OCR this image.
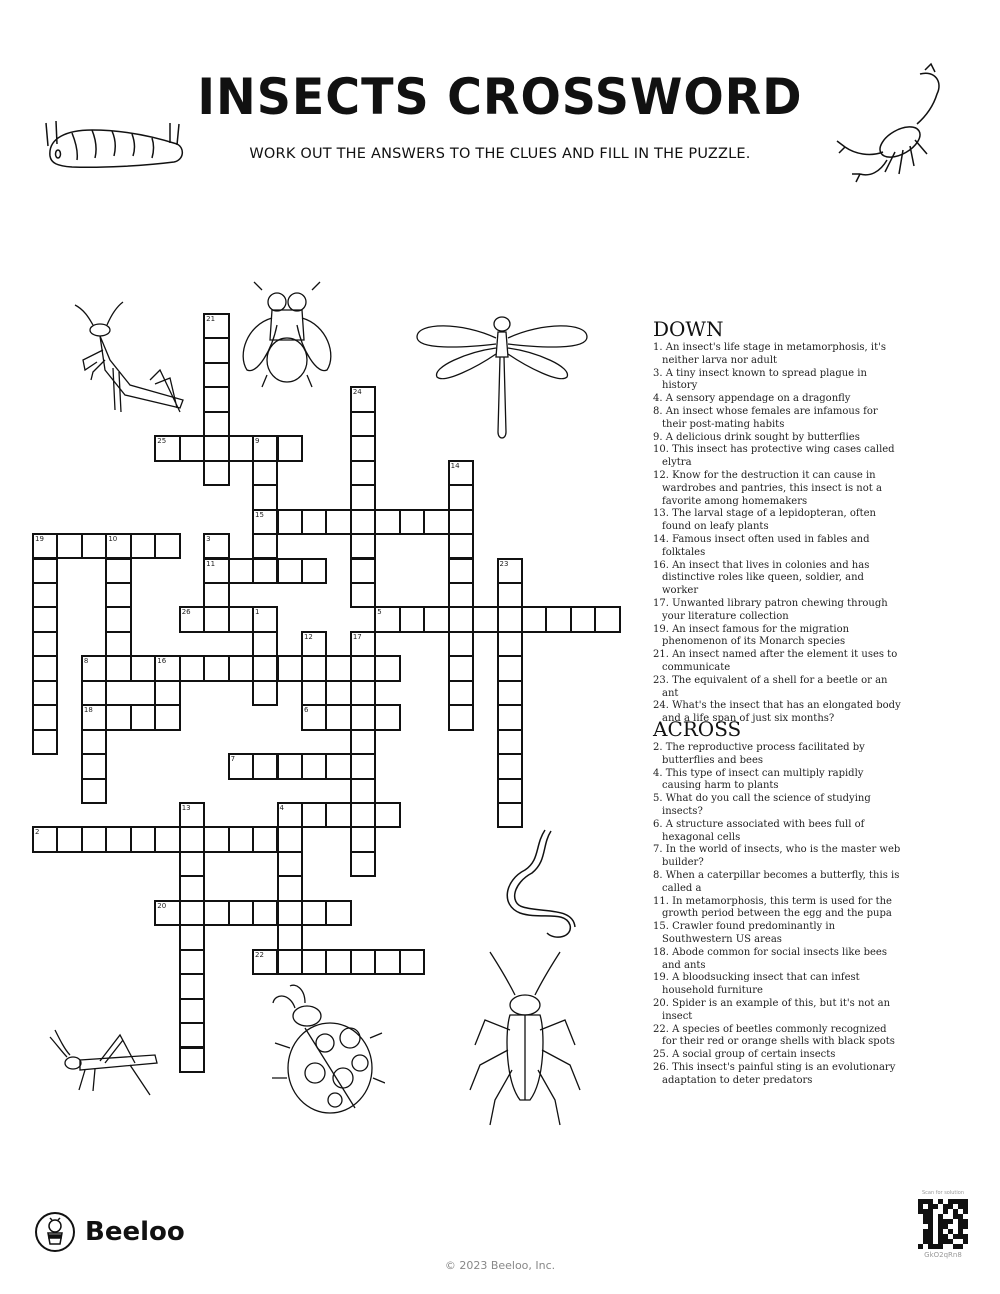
INSECTS CROSSWORD
WORK OUT THE ANSWERS TO THE CLUES AND FILL IN THE PUZZLE.
1
2
3
11
4
5
6
7
8
18
16
9
15
10
12
13
14
17
19
20
21
22
23
24
25
26
DOWN

1. An insect's life stage in metamorphosis, it's neither larva nor adult

3. A tiny insect known to spread plague in history

4. A sensory appendage on a dragonfly

8. An insect whose females are infamous for their post-mating habits

9. A delicious drink sought by butterflies

10. This insect has protective wing cases called elytra

12. Know for the destruction it can cause in wardrobes and pantries, this insect is not a favorite among homemakers

13. The larval stage of a lepidopteran, often found on leafy plants

14. Famous insect often used in fables and folktales

16. An insect that lives in colonies and has distinctive roles like queen, soldier, and worker

17. Unwanted library patron chewing through your literature collection

19. An insect famous for the migration phenomenon of its Monarch species

21. An insect named after the element it uses to communicate

23. The equivalent of a shell for a beetle or an ant

24. What's the insect that has an elongated body and a life span of just six months?

ACROSS

2. The reproductive process facilitated by butterflies and bees

4. This type of insect can multiply rapidly causing harm to plants

5. What do you call the science of studying insects?

6. A structure associated with bees full of hexagonal cells

7. In the world of insects, who is the master web builder?

8. When a caterpillar becomes a butterfly, this is called a

11. In metamorphosis, this term is used for the growth period between the egg and the pupa

15. Crawler found predominantly in Southwestern US areas

18. Abode common for social insects like bees and ants

19. A bloodsucking insect that can infest household furniture

20. Spider is an example of this, but it's not an insect

22. A species of beetles commonly recognized for their red or orange shells with black spots

25. A social group of certain insects

26. This insect's painful sting is an evolutionary adaptation to deter predators

Beeloo
© 2023 Beeloo, Inc.
Scan for solution
GkO2qRn8
